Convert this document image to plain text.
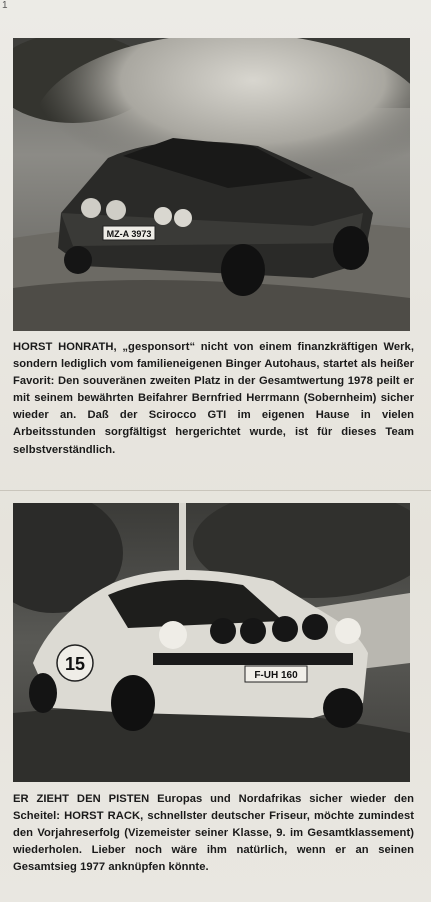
1
MZ-A 3973
HORST HONRATH, „gesponsort“ nicht von einem finanzkräftigen Werk, sondern lediglich vom familieneigenen Binger Autohaus, startet als heißer Favorit: Den souveränen zweiten Platz in der Gesamtwertung 1978 peilt er mit seinem bewährten Beifahrer Bernfried Herrmann (Sobernheim) sicher wieder an. Daß der Scirocco GTI im eigenen Hause in vielen Arbeitsstunden sorgfältigst hergerichtet wurde, ist für dieses Team selbstverständlich.
15
F-UH 160
ER ZIEHT DEN PISTEN Europas und Nordafrikas sicher wieder den Scheitel: HORST RACK, schnellster deutscher Friseur, möchte zumindest den Vorjahreserfolg (Vizemeister seiner Klasse, 9. im Gesamtklassement) wiederholen. Lieber noch wäre ihm natürlich, wenn er an seinen Gesamtsieg 1977 anknüpfen könnte.
